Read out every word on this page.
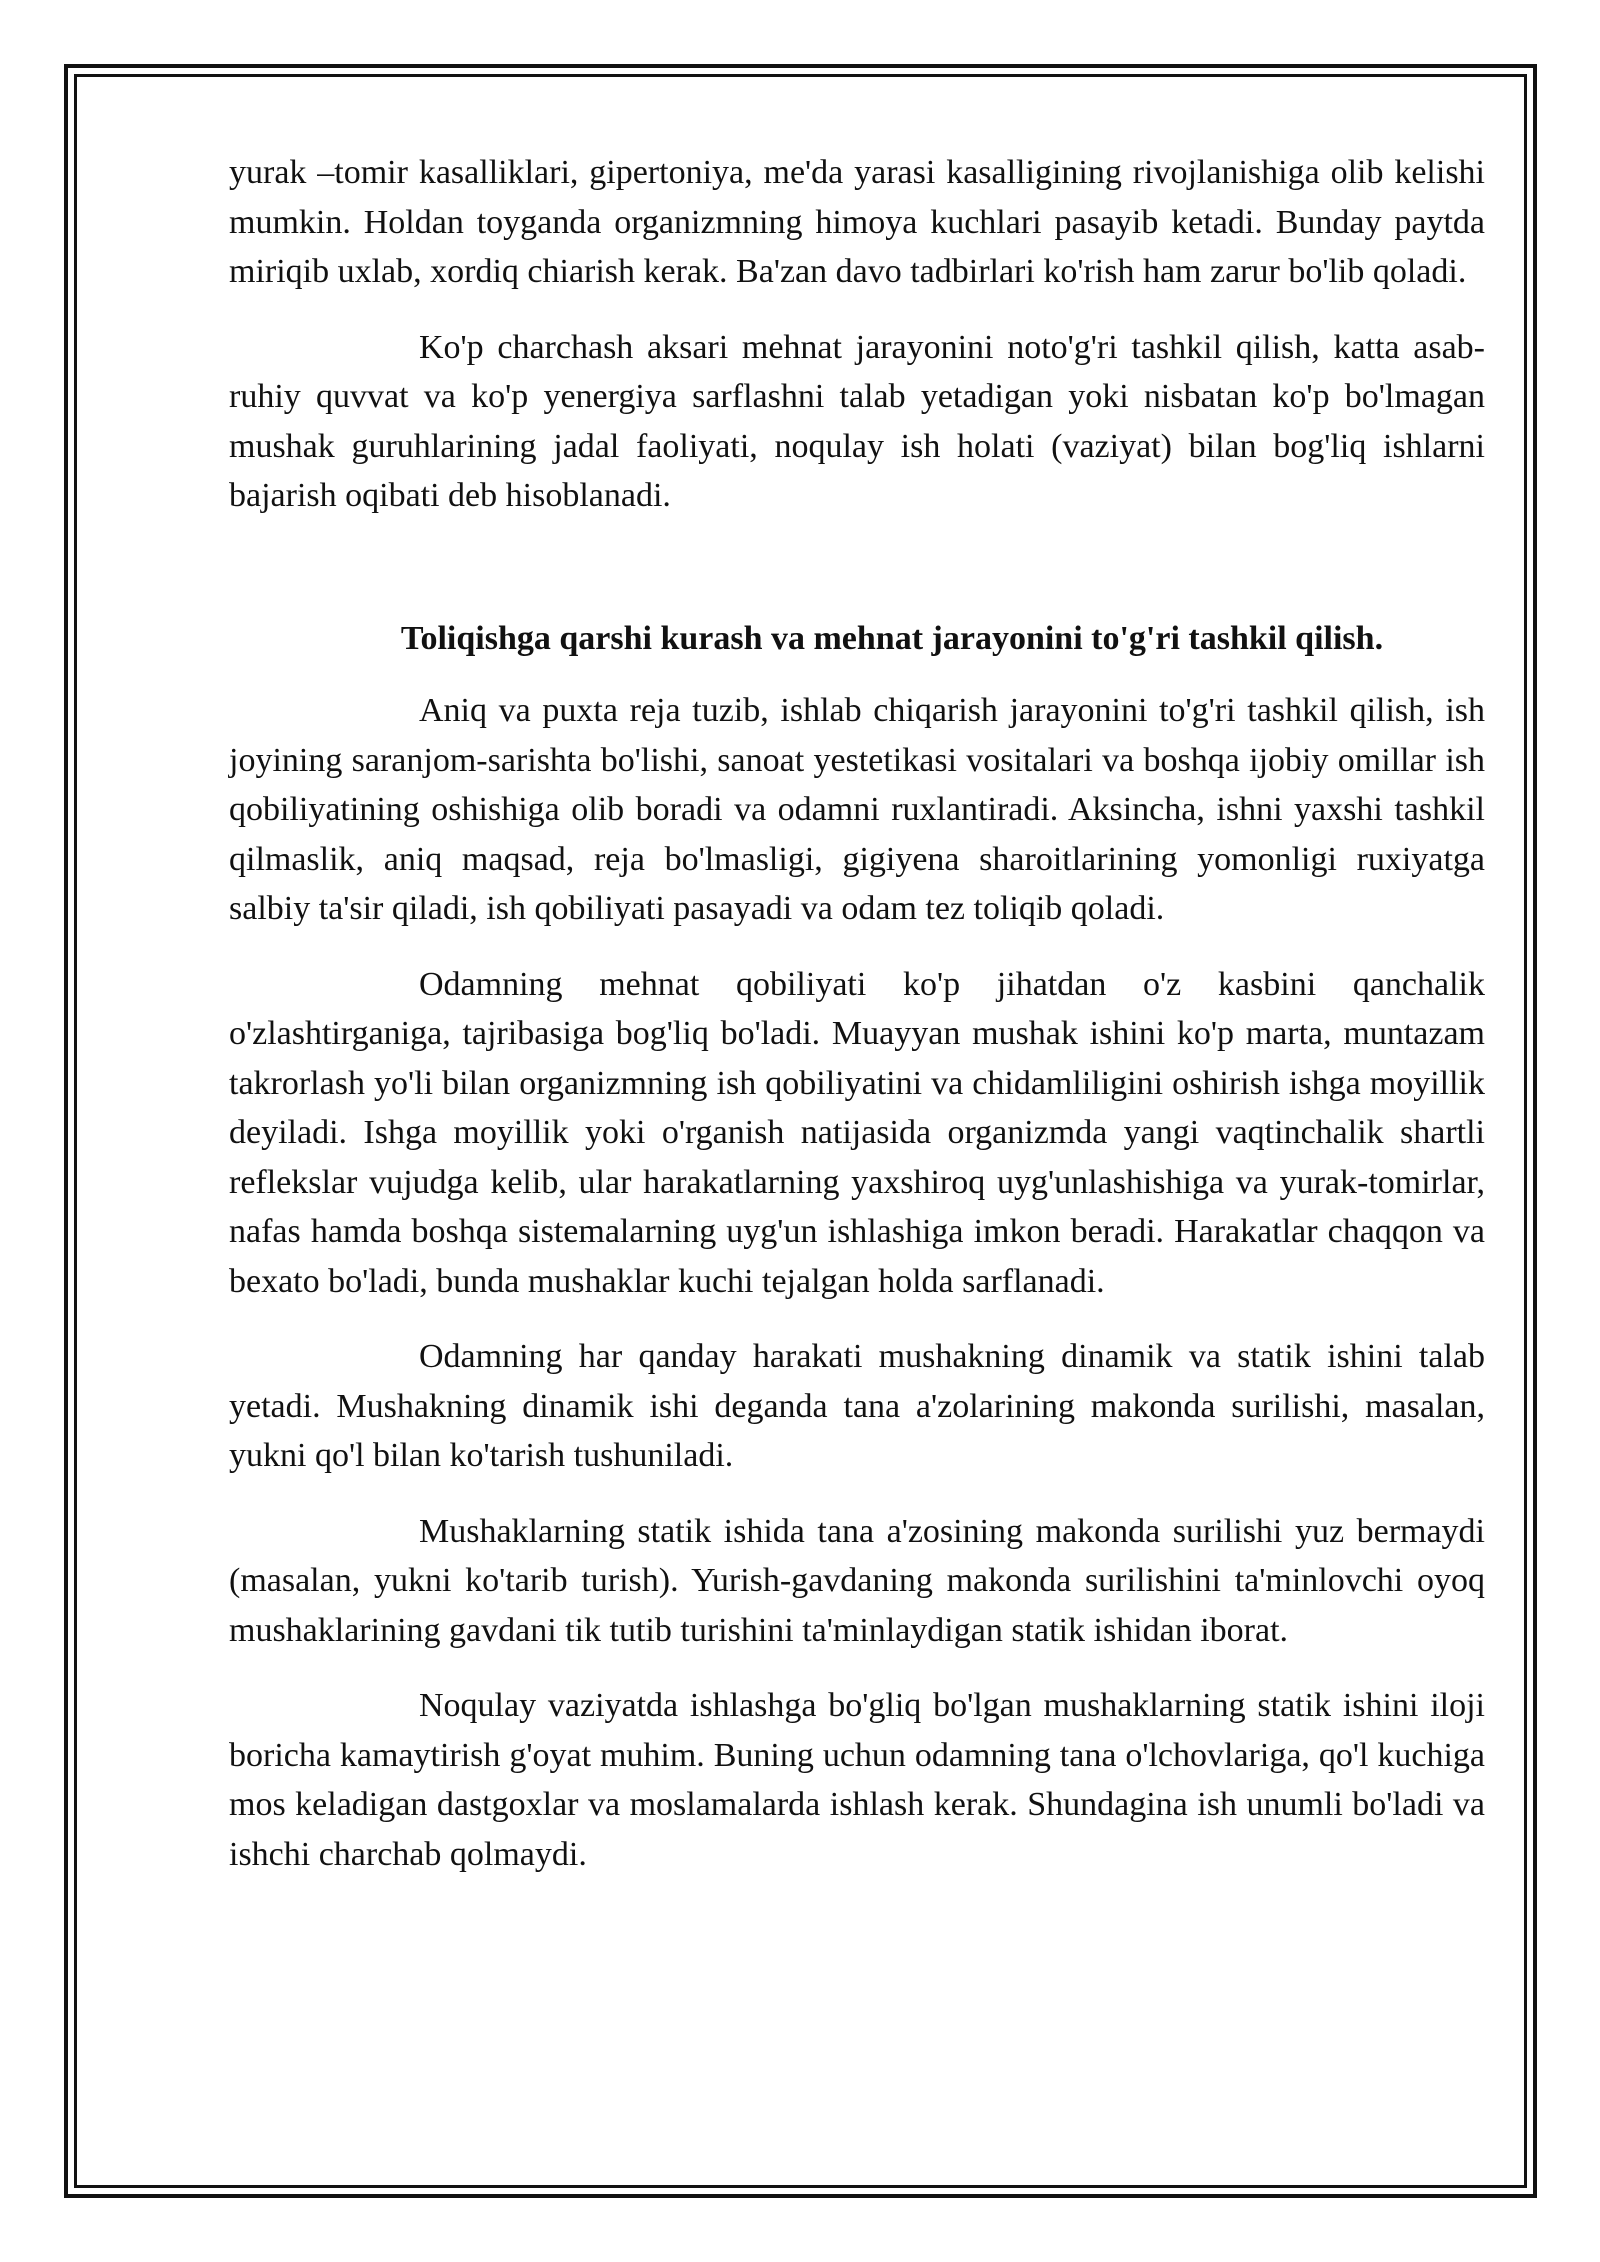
yurak –tomir kasalliklari, gipertoniya, me'da yarasi kasalligining rivojlanishiga olib kelishi mumkin. Holdan toyganda organizmning himoya kuchlari pasayib ketadi. Bunday paytda miriqib uxlab, xordiq chiarish kerak. Ba'zan davo tadbirlari ko'rish ham zarur bo'lib qoladi.

Ko'p charchash aksari mehnat jarayonini noto'g'ri tashkil qilish, katta asab-ruhiy quvvat va ko'p yenergiya sarflashni talab yetadigan yoki nisbatan ko'p bo'lmagan mushak guruhlarining jadal faoliyati, noqulay ish holati (vaziyat) bilan bog'liq ishlarni bajarish oqibati deb hisoblanadi.

Toliqishga qarshi kurash va mehnat jarayonini to'g'ri tashkil qilish.

Aniq va puxta reja tuzib, ishlab chiqarish jarayonini to'g'ri tashkil qilish, ish joyining saranjom-sarishta bo'lishi, sanoat yestetikasi vositalari va boshqa ijobiy omillar ish qobiliyatining oshishiga olib boradi va odamni ruxlantiradi. Aksincha, ishni yaxshi tashkil qilmaslik, aniq maqsad, reja bo'lmasligi, gigiyena sharoitlarining yomonligi ruxiyatga salbiy ta'sir qiladi, ish qobiliyati pasayadi va odam tez toliqib qoladi.

Odamning mehnat qobiliyati ko'p jihatdan o'z kasbini qanchalik o'zlashtirganiga, tajribasiga bog'liq bo'ladi. Muayyan mushak ishini ko'p marta, muntazam takrorlash yo'li bilan organizmning ish qobiliyatini va chidamliligini oshirish ishga moyillik deyiladi. Ishga moyillik yoki o'rganish natijasida organizmda yangi vaqtinchalik shartli reflekslar vujudga kelib, ular harakatlarning yaxshiroq uyg'unlashishiga va yurak-tomirlar, nafas hamda boshqa sistemalarning uyg'un ishlashiga imkon beradi. Harakatlar chaqqon va bexato bo'ladi, bunda mushaklar kuchi tejalgan holda sarflanadi.

Odamning har qanday harakati mushakning dinamik va statik ishini talab yetadi. Mushakning dinamik ishi deganda tana a'zolarining makonda surilishi, masalan, yukni qo'l bilan ko'tarish tushuniladi.

Mushaklarning statik ishida tana a'zosining makonda surilishi yuz bermaydi (masalan, yukni ko'tarib turish). Yurish-gavdaning makonda surilishini ta'minlovchi oyoq mushaklarining gavdani tik tutib turishini ta'minlaydigan statik ishidan iborat.

Noqulay vaziyatda ishlashga bo'gliq bo'lgan mushaklarning statik ishini iloji boricha kamaytirish g'oyat muhim. Buning uchun odamning tana o'lchovlariga, qo'l kuchiga mos keladigan dastgoxlar va moslamalarda ishlash kerak. Shundagina ish unumli bo'ladi va ishchi charchab qolmaydi.
